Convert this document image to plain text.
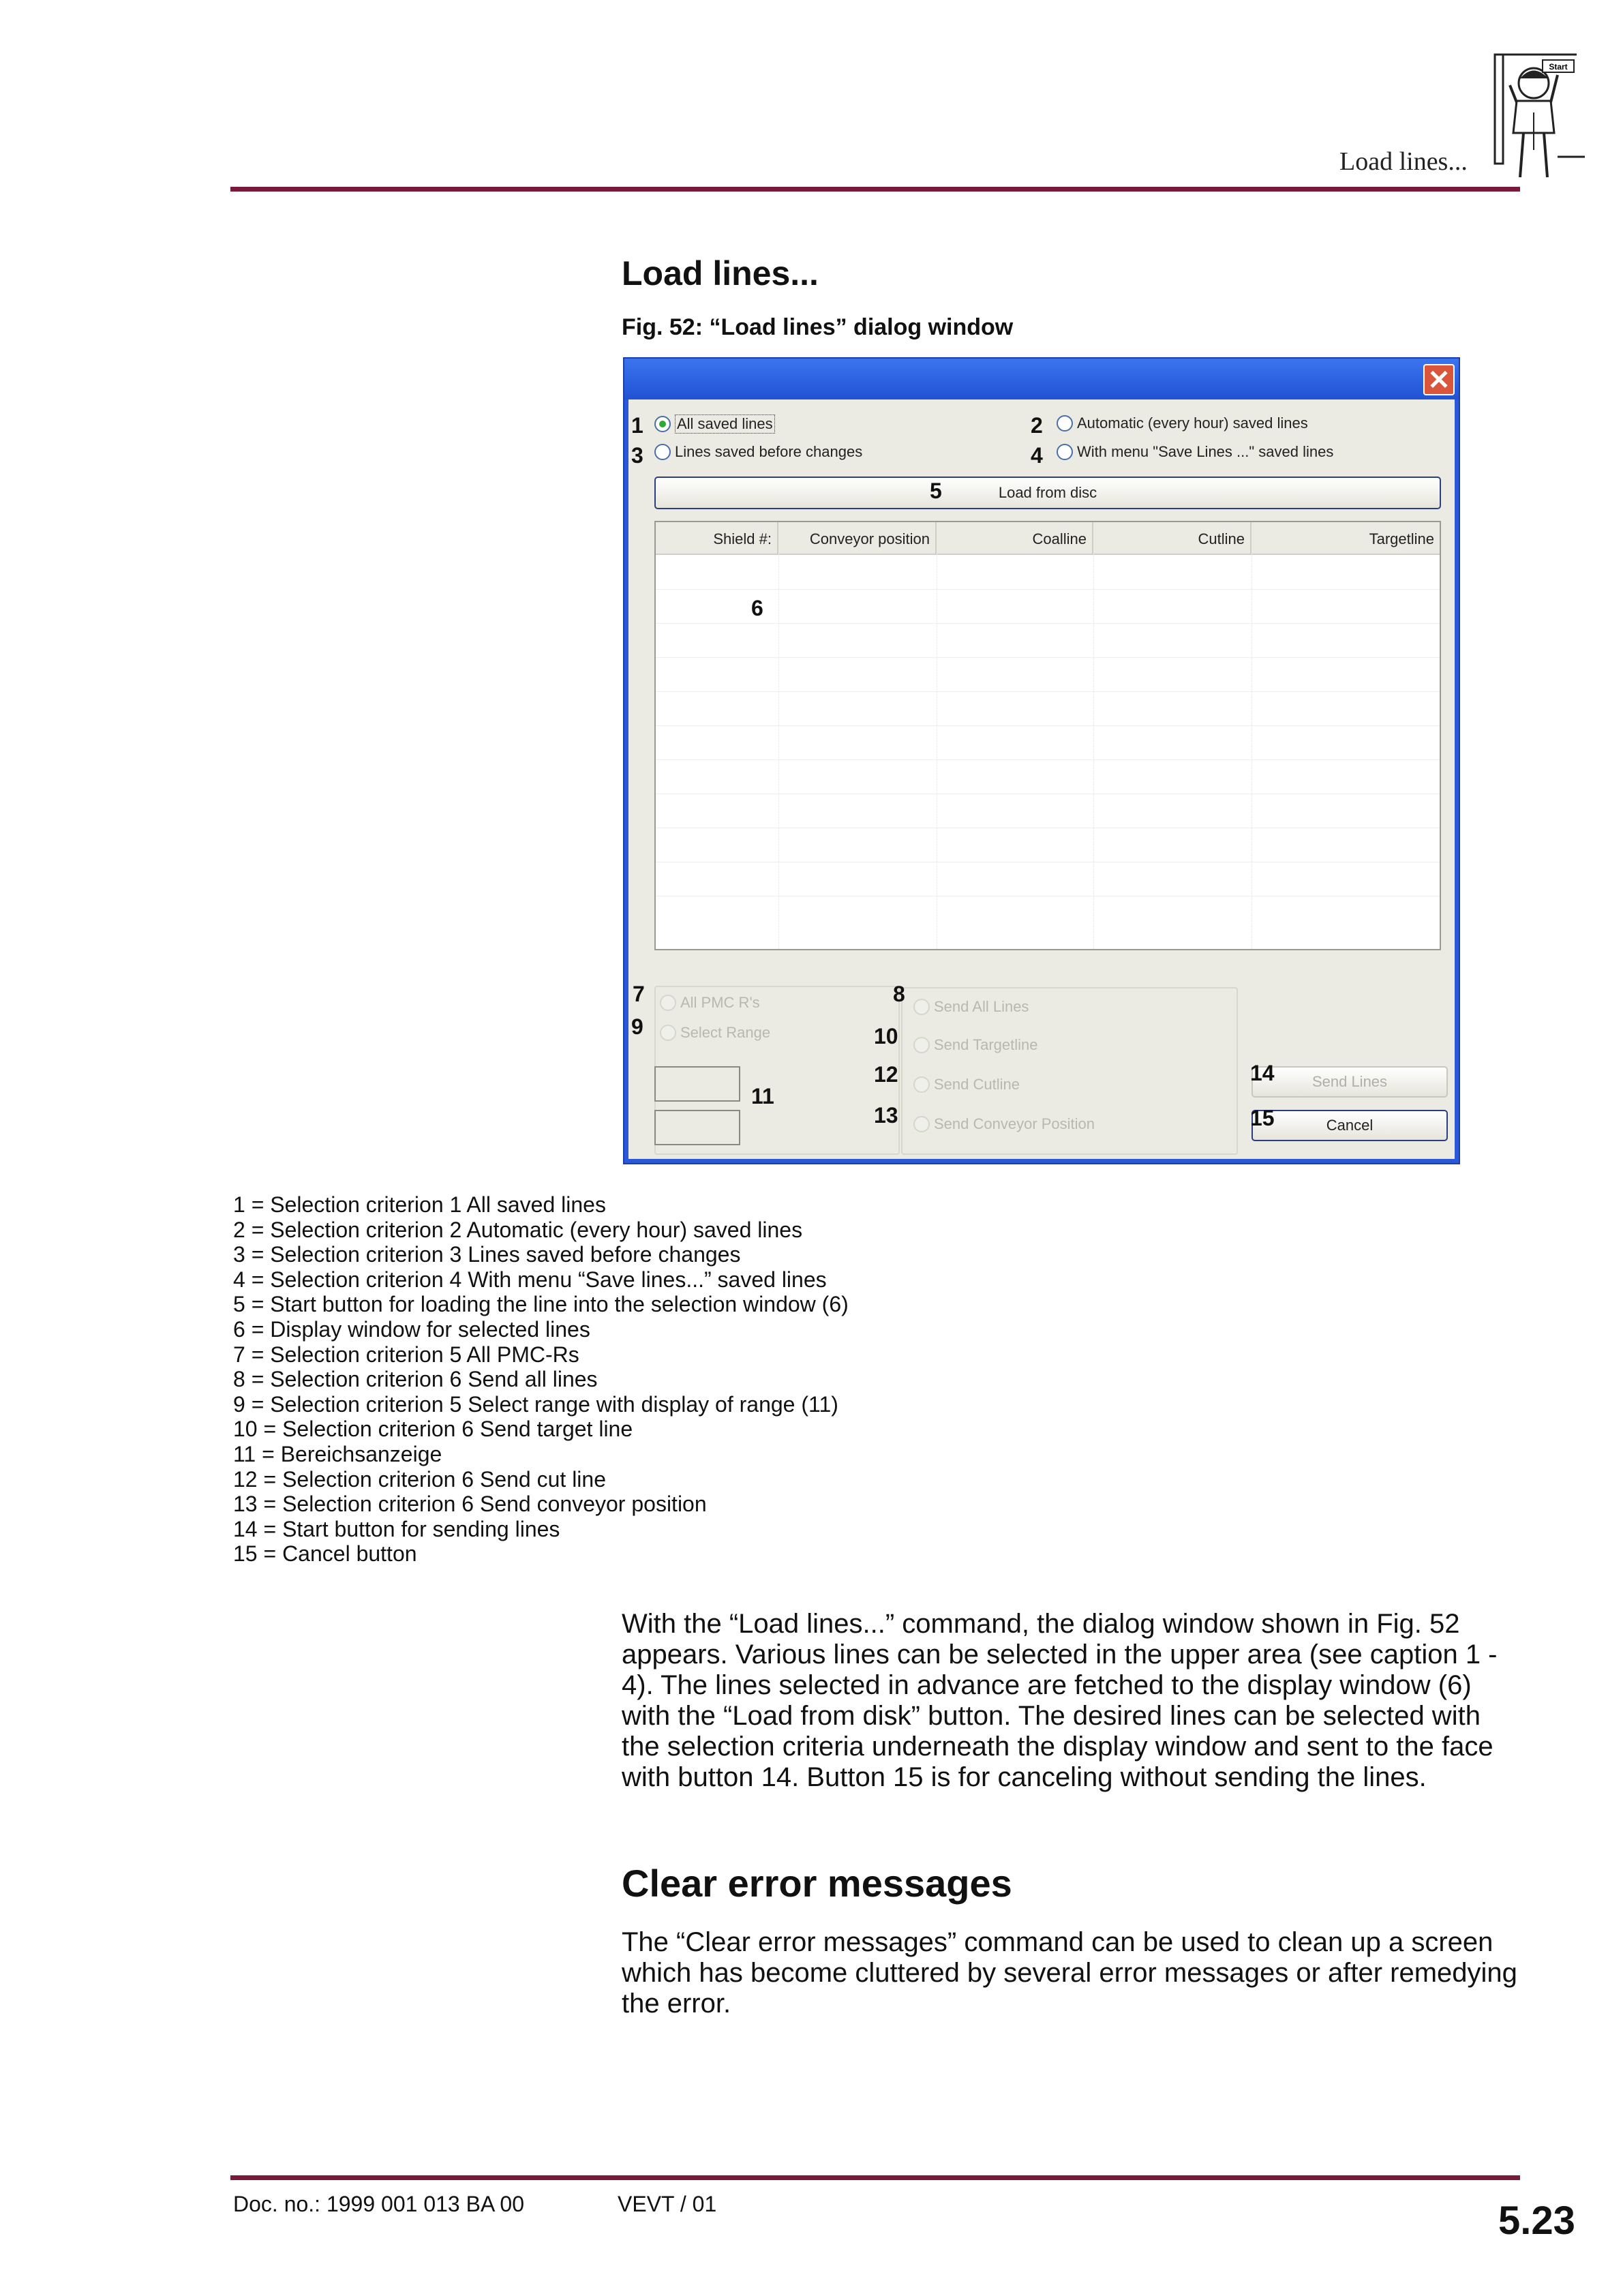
Load lines...
Start
Load lines...
Fig. 52: “Load lines” dialog window
✕
All saved lines
Lines saved before changes
Automatic (every hour) saved lines
With menu "Save Lines ..." saved lines
Load from disc
Shield #:	Conveyor position	Coalline	Cutline	Targetline
All PMC R's
Select Range
Send All Lines
Send Targetline
Send Cutline
Send Conveyor Position
Send Lines
Cancel
1	2
3	4
5
6
7	8
9	10
11
12
13
14
15
1 = Selection criterion 1 All saved lines
2 = Selection criterion 2 Automatic (every hour) saved lines
3 = Selection criterion 3 Lines saved before changes
4 = Selection criterion 4 With menu “Save lines...” saved lines
5 = Start button for loading the line into the selection window (6)
6 = Display window for selected lines
7 = Selection criterion 5 All PMC-Rs
8 = Selection criterion 6 Send all lines
9 = Selection criterion 5 Select range with display of range (11)
10 = Selection criterion 6 Send target line
11 = Bereichsanzeige
12 = Selection criterion 6 Send cut line
13 = Selection criterion 6 Send conveyor position
14 = Start button for sending lines
15 = Cancel button
With the “Load lines...” command, the dialog window shown in Fig. 52 appears. Various lines can be selected in the upper area (see caption 1 - 4). The lines selected in advance are fetched to the display window (6) with the “Load from disk” button. The desired lines can be selected with the selection criteria underneath the display window and sent to the face with button 14. Button 15 is for canceling without sending the lines.
Clear error messages
The “Clear error messages” command can be used to clean up a screen which has become cluttered by several error messages or after remedying the error.
Doc. no.: 1999 001 013 BA 00	VEVT / 01	5.23
